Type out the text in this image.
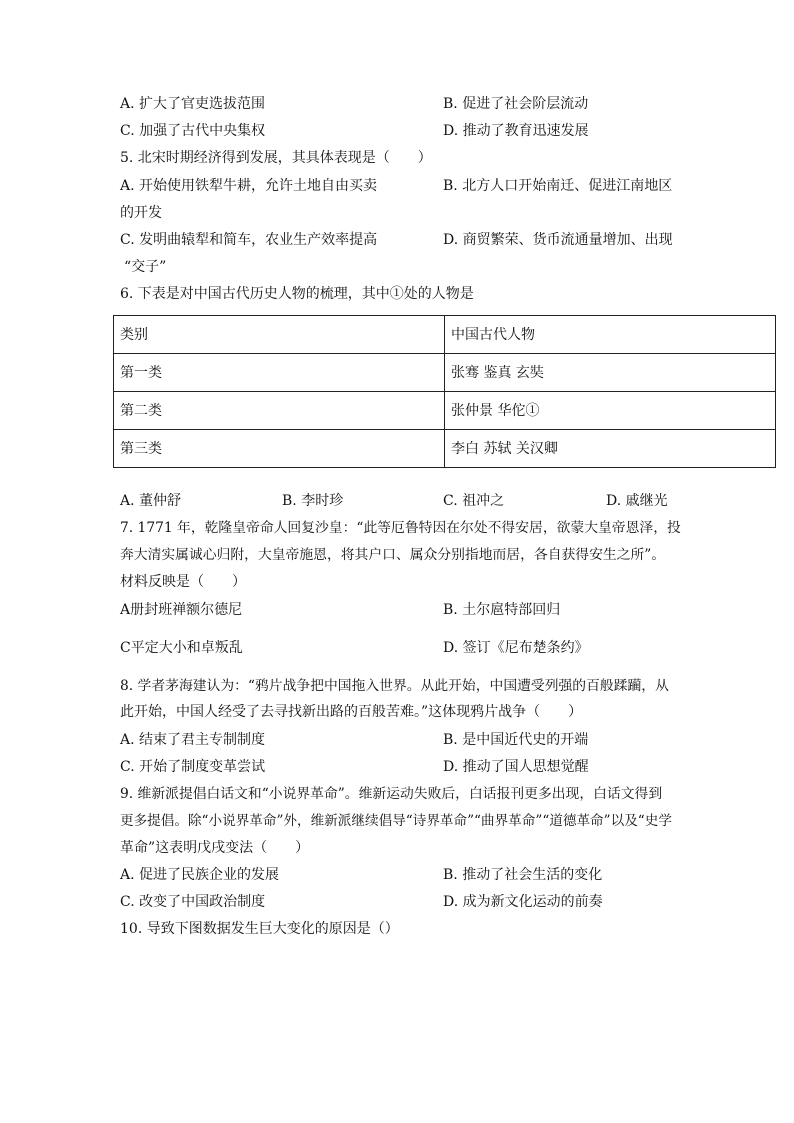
A. 扩大了官吏选拔范围	B. 促进了社会阶层流动
C. 加强了古代中央集权	D. 推动了教育迅速发展
5. 北宋时期经济得到发展，其具体表现是（　　）
A. 开始使用铁犁牛耕，允许土地自由买卖	B. 北方人口开始南迁、促进江南地区
的开发
C. 发明曲辕犁和简车，农业生产效率提高	D. 商贸繁荣、货币流通量增加、出现
“交子”
6. 下表是对中国古代历史人物的梳理，其中①处的人物是
类别	中国古代人物
第一类	张骞 鉴真 玄奘
第二类	张仲景 华佗①
第三类	李白 苏轼 关汉卿
A. 董仲舒	B. 李时珍	C. 祖冲之	D. 戚继光
7. 1771 年，乾隆皇帝命人回复沙皇：“此等厄鲁特因在尔处不得安居，欲蒙大皇帝恩泽，投
奔大清实属诚心归附，大皇帝施恩，将其户口、属众分别指地而居，各自获得安生之所”。
材料反映是（　　）
A册封班禅额尔德尼	B. 土尔扈特部回归
C平定大小和卓叛乱	D. 签订《尼布楚条约》
8. 学者茅海建认为：“鸦片战争把中国拖入世界。从此开始，中国遭受列强的百般蹂躏，从
此开始，中国人经受了去寻找新出路的百般苦难。”这体现鸦片战争（　　）
A. 结束了君主专制制度	B. 是中国近代史的开端
C. 开始了制度变革尝试	D. 推动了国人思想觉醒
9. 维新派提倡白话文和“小说界革命”。维新运动失败后，白话报刊更多出现，白话文得到
更多提倡。除“小说界革命”外，维新派继续倡导“诗界革命”“曲界革命”“道德革命”以及“史学
革命”这表明戊戌变法（　　）
A. 促进了民族企业的发展	B. 推动了社会生活的变化
C. 改变了中国政治制度	D. 成为新文化运动的前奏
10. 导致下图数据发生巨大变化的原因是（）
